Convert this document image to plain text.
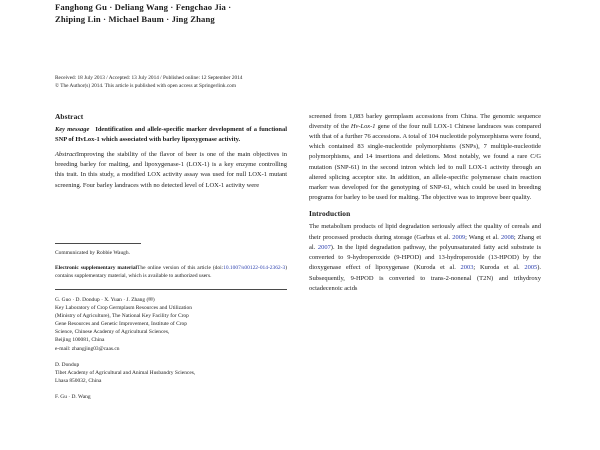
Fanghong Gu · Deliang Wang · Fengchao Jia ·
Zhiping Lin · Michael Baum · Jing Zhang
Received: 18 July 2013 / Accepted: 13 July 2014 / Published online: 12 September 2014
© The Author(s) 2014. This article is published with open access at Springerlink.com
Abstract

Key message Identification and allele-specific marker development of a functional SNP of HvLox-1 which associated with barley lipoxygenase activity.

AbstractImproving the stability of the flavor of beer is one of the main objectives in breeding barley for malting, and lipoxygenase-1 (LOX-1) is a key enzyme controlling this trait. In this study, a modified LOX activity assay was used for null LOX-1 mutant screening. Four barley landraces with no detected level of LOX-1 activity were

screened from 1,083 barley germplasm accessions from China. The genomic sequence diversity of the Hv-Lox-1 gene of the four null LOX-1 Chinese landraces was compared with that of a further 76 accessions. A total of 104 nucleotide polymorphisms were found, which contained 83 single-nucleotide polymorphisms (SNPs), 7 multiple-nucleotide polymorphisms, and 14 insertions and deletions. Most notably, we found a rare C/G mutation (SNP-61) in the second intron which led to null LOX-1 activity through an altered splicing acceptor site. In addition, an allele-specific polymerase chain reaction marker was developed for the genotyping of SNP-61, which could be used in breeding programs for barley to be used for malting. The objective was to improve beer quality.

Introduction

The metabolism products of lipid degradation seriously affect the quality of cereals and their processed products during storage (Garbus et al. 2009; Wang et al. 2008; Zhang et al. 2007). In the lipid degradation pathway, the polyunsaturated fatty acid substrate is converted to 9-hydroperoxide (9-HPOD) and 13-hydroperoxide (13-HPOD) by the dioxygenase effect of lipoxygenase (Kuroda et al. 2003; Kuroda et al. 2005). Subsequently, 9-HPOD is converted to trans-2-nonenal (T2N) and trihydroxy octadecenoic acids

Communicated by Robbie Waugh.

Electronic supplementary materialThe online version of this article (doi:10.1007/s00122-014-2362-3) contains supplementary material, which is available to authorized users.

G. Guo · D. Dondup · X. Yuan · J. Zhang (✉)

Key Laboratory of Crop Germplasm Resources and Utilization

(Ministry of Agriculture), The National Key Facility for Crop

Gene Resources and Genetic Improvement, Institute of Crop

Science, Chinese Academy of Agricultural Sciences,

Beijing 100081, China

e-mail: zhangjing03@caas.cn

D. Dondup

Tibet Academy of Agricultural and Animal Husbandry Sciences,

Lhasa 850032, China

F. Gu · D. Wang
